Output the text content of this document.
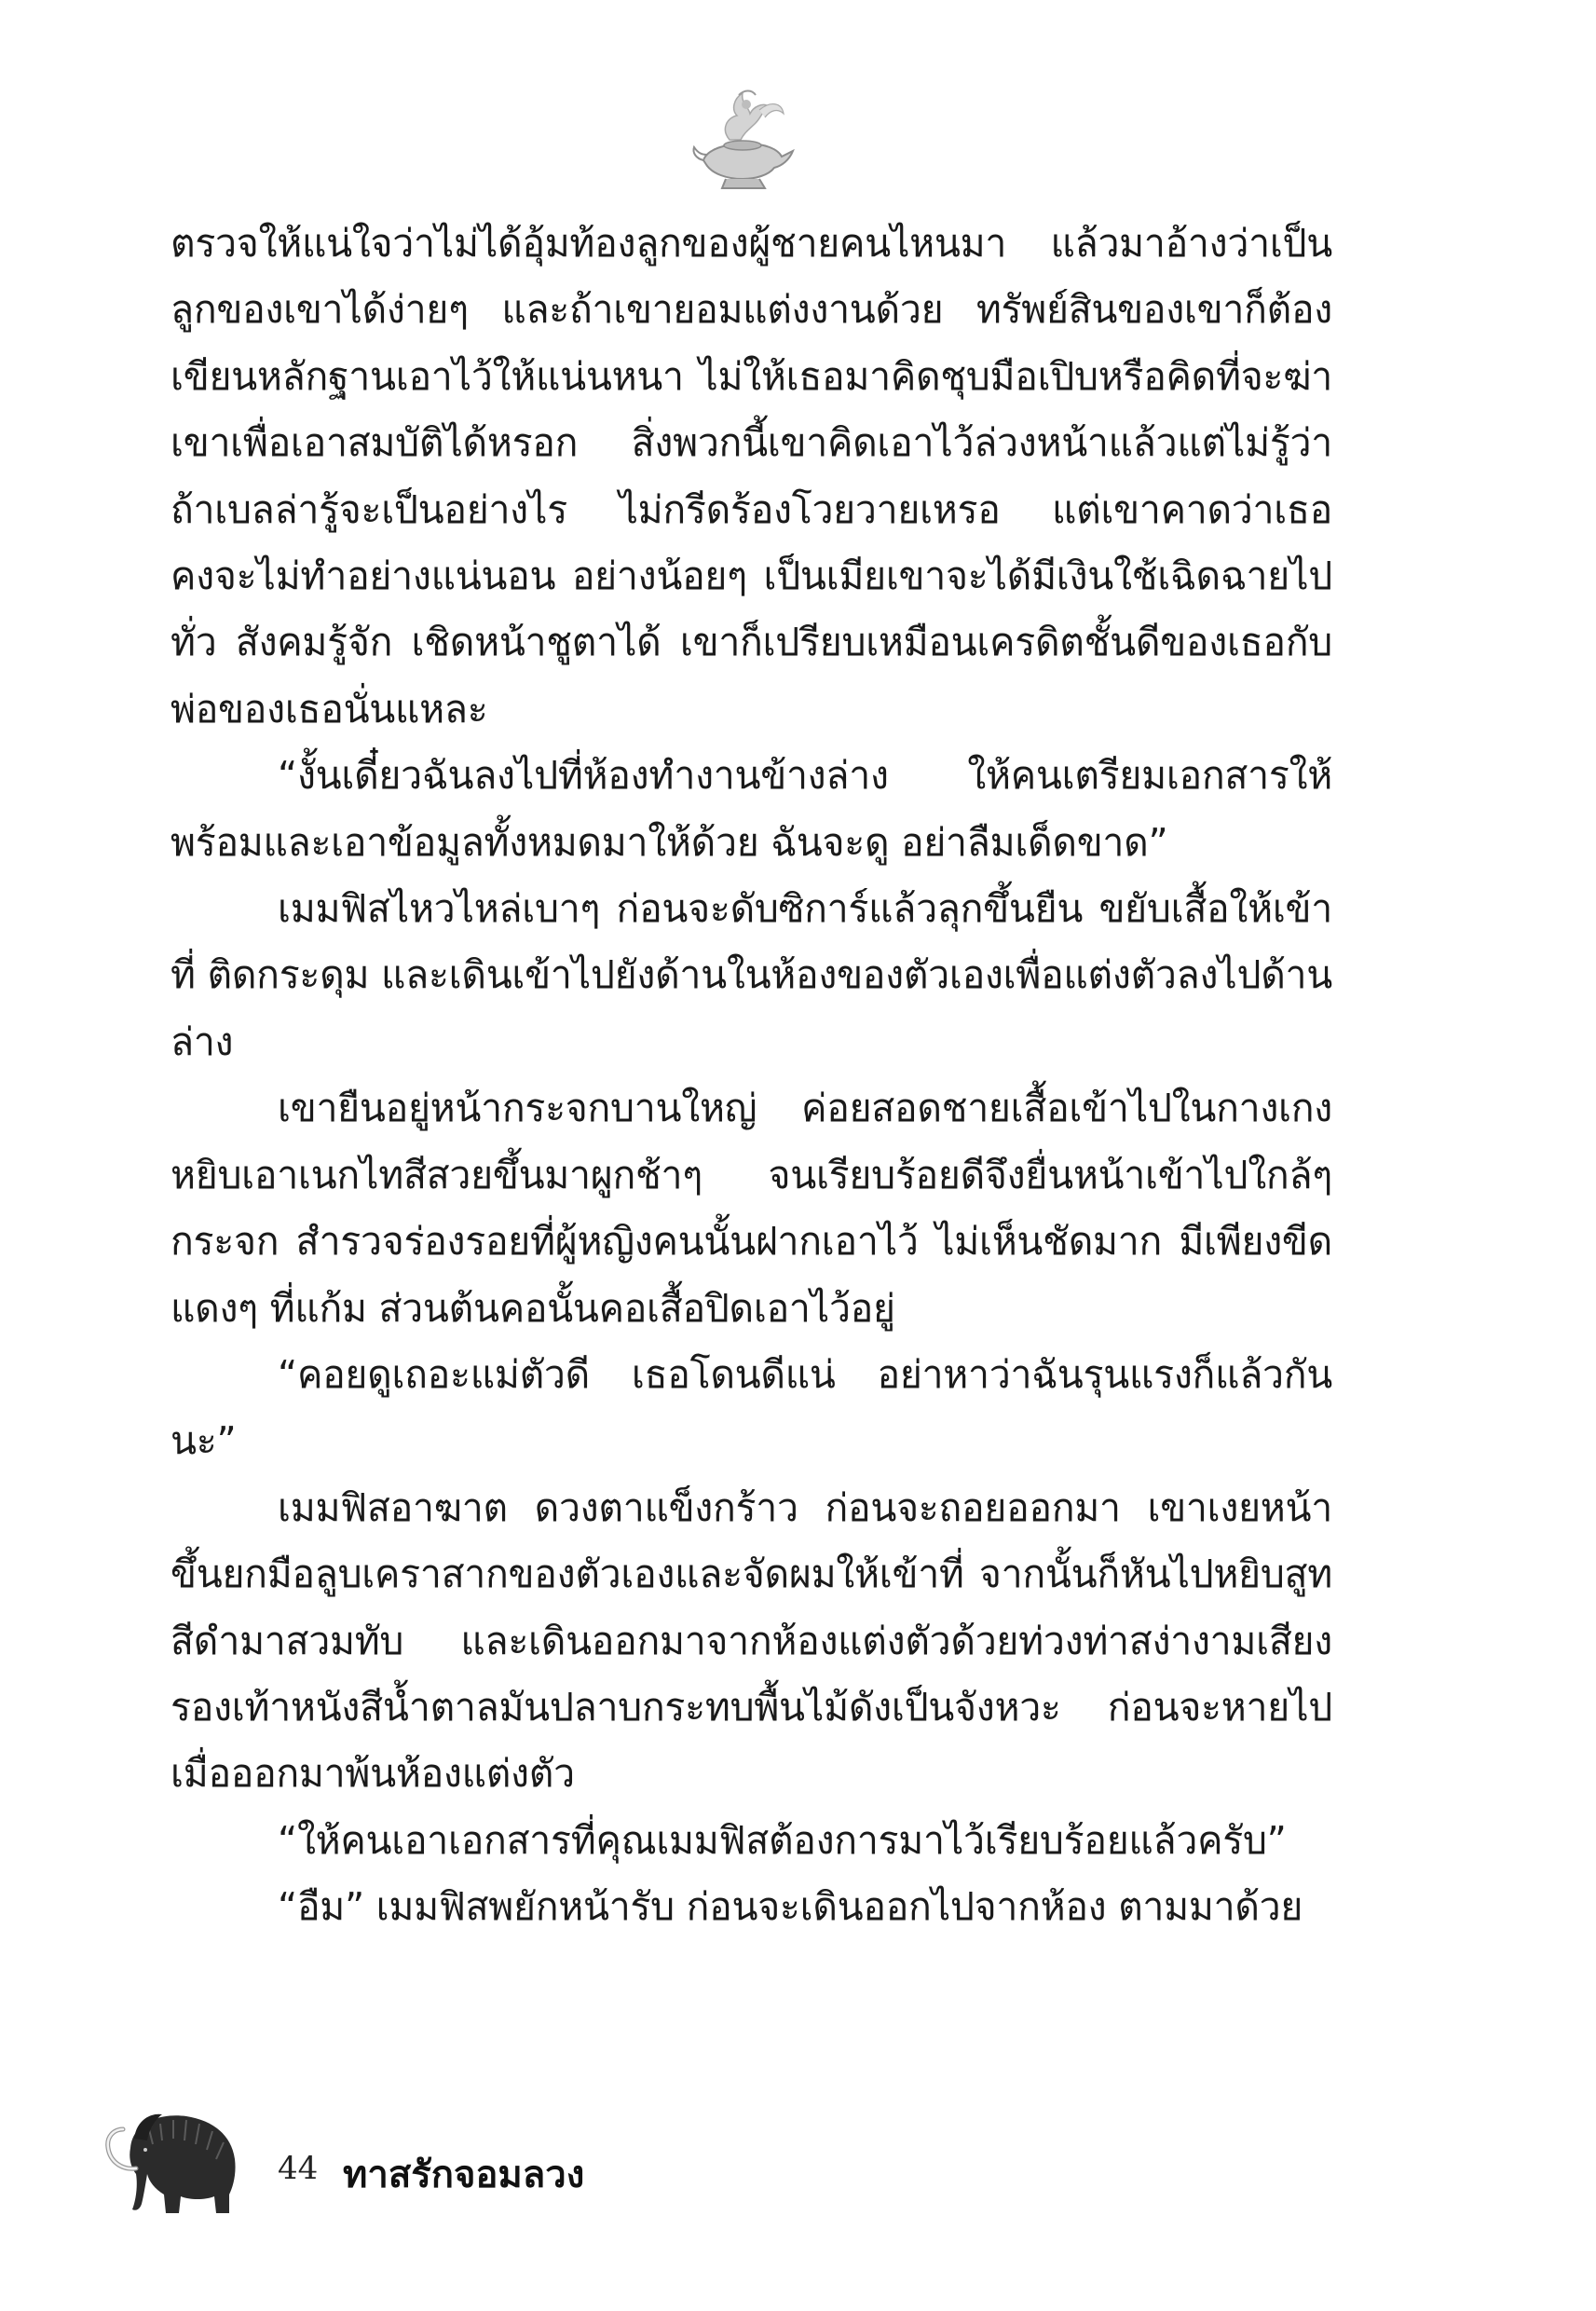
ตรวจให้แน่ใจว่าไม่ได้อุ้มท้องลูกของผู้ชายคนไหนมา แล้วมาอ้างว่าเป็นลูกของเขาได้ง่ายๆ และถ้าเขายอมแต่งงานด้วย ทรัพย์สินของเขาก็ต้องเขียนหลักฐานเอาไว้ให้แน่นหนา ไม่ให้เธอมาคิดชุบมือเปิบหรือคิดที่จะฆ่าเขาเพื่อเอาสมบัติได้หรอก สิ่งพวกนี้เขาคิดเอาไว้ล่วงหน้าแล้วแต่ไม่รู้ว่าถ้าเบลล่ารู้จะเป็นอย่างไร ไม่กรีดร้องโวยวายเหรอ แต่เขาคาดว่าเธอคงจะไม่ทำอย่างแน่นอน อย่างน้อยๆ เป็นเมียเขาจะได้มีเงินใช้เฉิดฉายไปทั่ว สังคมรู้จัก เชิดหน้าชูตาได้ เขาก็เปรียบเหมือนเครดิตชั้นดีของเธอกับพ่อของเธอนั่นแหละ

“งั้นเดี๋ยวฉันลงไปที่ห้องทำงานข้างล่าง ให้คนเตรียมเอกสารให้พร้อมและเอาข้อมูลทั้งหมดมาให้ด้วย ฉันจะดู อย่าลืมเด็ดขาด”

เมมฟิสไหวไหล่เบาๆ ก่อนจะดับซิการ์แล้วลุกขึ้นยืน ขยับเสื้อให้เข้าที่ ติดกระดุม และเดินเข้าไปยังด้านในห้องของตัวเองเพื่อแต่งตัวลงไปด้านล่าง

เขายืนอยู่หน้ากระจกบานใหญ่ ค่อยสอดชายเสื้อเข้าไปในกางเกงหยิบเอาเนกไทสีสวยขึ้นมาผูกช้าๆ จนเรียบร้อยดีจึงยื่นหน้าเข้าไปใกล้ๆกระจก สำรวจร่องรอยที่ผู้หญิงคนนั้นฝากเอาไว้ ไม่เห็นชัดมาก มีเพียงขีดแดงๆ ที่แก้ม ส่วนต้นคอนั้นคอเสื้อปิดเอาไว้อยู่

“คอยดูเถอะแม่ตัวดี เธอโดนดีแน่ อย่าหาว่าฉันรุนแรงก็แล้วกันนะ”

เมมฟิสอาฆาต ดวงตาแข็งกร้าว ก่อนจะถอยออกมา เขาเงยหน้าขึ้นยกมือลูบเคราสากของตัวเองและจัดผมให้เข้าที่ จากนั้นก็หันไปหยิบสูทสีดำมาสวมทับ และเดินออกมาจากห้องแต่งตัวด้วยท่วงท่าสง่างามเสียงรองเท้าหนังสีน้ำตาลมันปลาบกระทบพื้นไม้ดังเป็นจังหวะ ก่อนจะหายไปเมื่อออกมาพ้นห้องแต่งตัว

“ให้คนเอาเอกสารที่คุณเมมฟิสต้องการมาไว้เรียบร้อยแล้วครับ”

“อืม” เมมฟิสพยักหน้ารับ ก่อนจะเดินออกไปจากห้อง ตามมาด้วย

44 ทาสรักจอมลวง
